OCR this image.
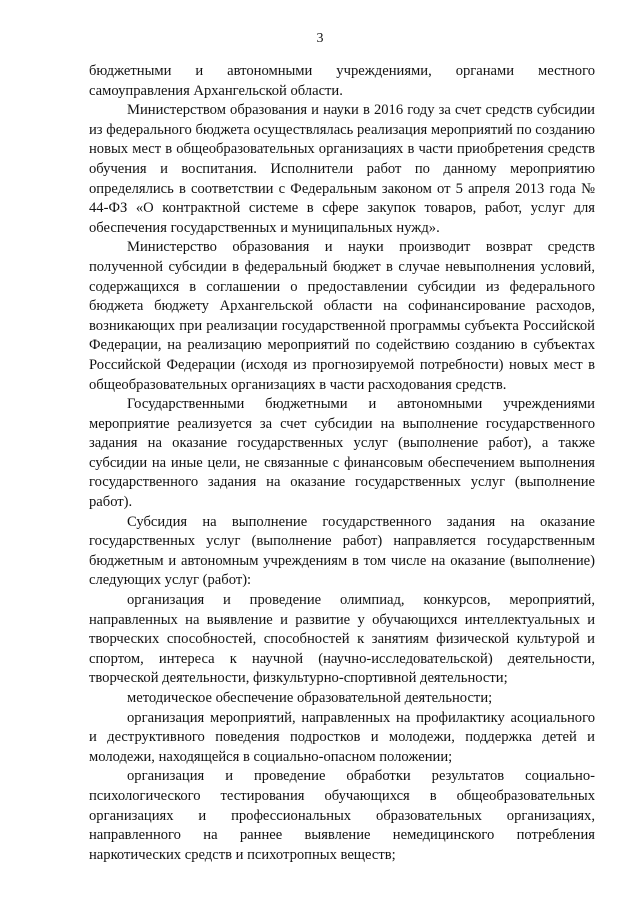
3

бюджетными и автономными учреждениями, органами местного самоуправления Архангельской области.

Министерством образования и науки в 2016 году за счет средств субсидии из федерального бюджета осуществлялась реализация мероприятий по созданию новых мест в общеобразовательных организациях в части приобретения средств обучения и воспитания. Исполнители работ по данному мероприятию определялись в соответствии с Федеральным законом от 5 апреля 2013 года № 44-ФЗ «О контрактной системе в сфере закупок товаров, работ, услуг для обеспечения государственных и муниципальных нужд».

Министерство образования и науки производит возврат средств полученной субсидии в федеральный бюджет в случае невыполнения условий, содержащихся в соглашении о предоставлении субсидии из федерального бюджета бюджету Архангельской области на софинансирование расходов, возникающих при реализации государственной программы субъекта Российской Федерации, на реализацию мероприятий по содействию созданию в субъектах Российской Федерации (исходя из прогнозируемой потребности) новых мест в общеобразовательных организациях в части расходования средств.

Государственными бюджетными и автономными учреждениями мероприятие реализуется за счет субсидии на выполнение государственного задания на оказание государственных услуг (выполнение работ), а также субсидии на иные цели, не связанные с финансовым обеспечением выполнения государственного задания на оказание государственных услуг (выполнение работ).

Субсидия на выполнение государственного задания на оказание государственных услуг (выполнение работ) направляется государственным бюджетным и автономным учреждениям в том числе на оказание (выполнение) следующих услуг (работ):

организация и проведение олимпиад, конкурсов, мероприятий, направленных на выявление и развитие у обучающихся интеллектуальных и творческих способностей, способностей к занятиям физической культурой и спортом, интереса к научной (научно-исследовательской) деятельности, творческой деятельности, физкультурно-спортивной деятельности;

методическое обеспечение образовательной деятельности;

организация мероприятий, направленных на профилактику асоциального и деструктивного поведения подростков и молодежи, поддержка детей и молодежи, находящейся в социально-опасном положении;

организация и проведение обработки результатов социально-психологического тестирования обучающихся в общеобразовательных организациях и профессиональных образовательных организациях, направленного на раннее выявление немедицинского потребления наркотических средств и психотропных веществ;
